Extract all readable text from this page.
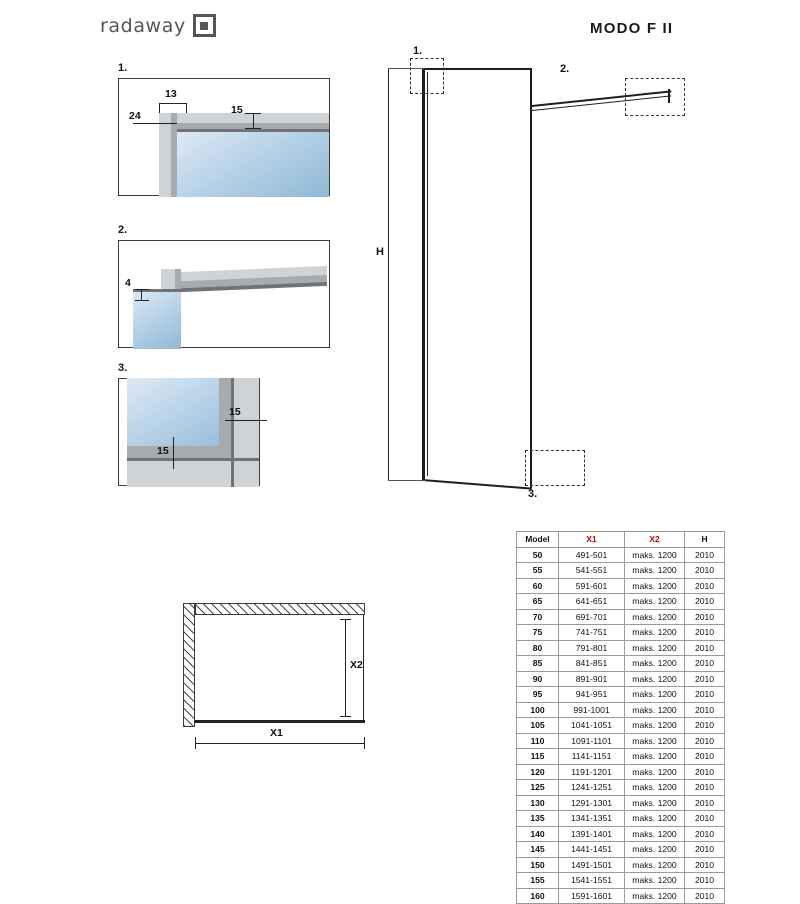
radaway	MODO F II
1.
13
24	15
2.
4
3.
15
15
1.
2.
3.
H
X2
X1
Model	X1	X2	H
50	491-501	maks. 1200	2010
55	541-551	maks. 1200	2010
60	591-601	maks. 1200	2010
65	641-651	maks. 1200	2010
70	691-701	maks. 1200	2010
75	741-751	maks. 1200	2010
80	791-801	maks. 1200	2010
85	841-851	maks. 1200	2010
90	891-901	maks. 1200	2010
95	941-951	maks. 1200	2010
100	991-1001	maks. 1200	2010
105	1041-1051	maks. 1200	2010
110	1091-1101	maks. 1200	2010
115	1141-1151	maks. 1200	2010
120	1191-1201	maks. 1200	2010
125	1241-1251	maks. 1200	2010
130	1291-1301	maks. 1200	2010
135	1341-1351	maks. 1200	2010
140	1391-1401	maks. 1200	2010
145	1441-1451	maks. 1200	2010
150	1491-1501	maks. 1200	2010
155	1541-1551	maks. 1200	2010
160	1591-1601	maks. 1200	2010
